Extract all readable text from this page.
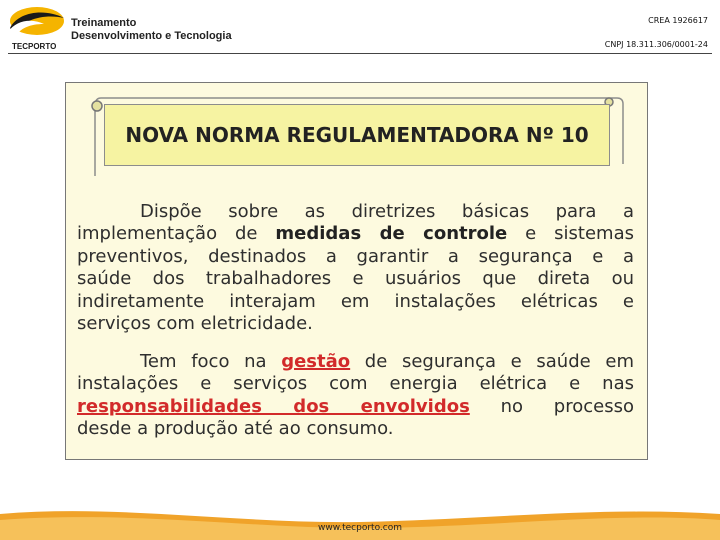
TECPORTO
Treinamento
Desenvolvimento e Tecnologia
CREA 1926617
CNPJ 18.311.306/0001-24
NOVA NORMA REGULAMENTADORA Nº 10
Dispõe sobre as diretrizes básicas para a
implementação de medidas de controle e sistemas
preventivos, destinados a garantir a segurança e a
saúde dos trabalhadores e usuários que direta ou
indiretamente interajam em instalações elétricas e
serviços com eletricidade.
Tem foco na gestão de segurança e saúde em
instalações e serviços com energia elétrica e nas
responsabilidades dos envolvidos no processo
desde a produção até ao consumo.
www.tecporto.com
